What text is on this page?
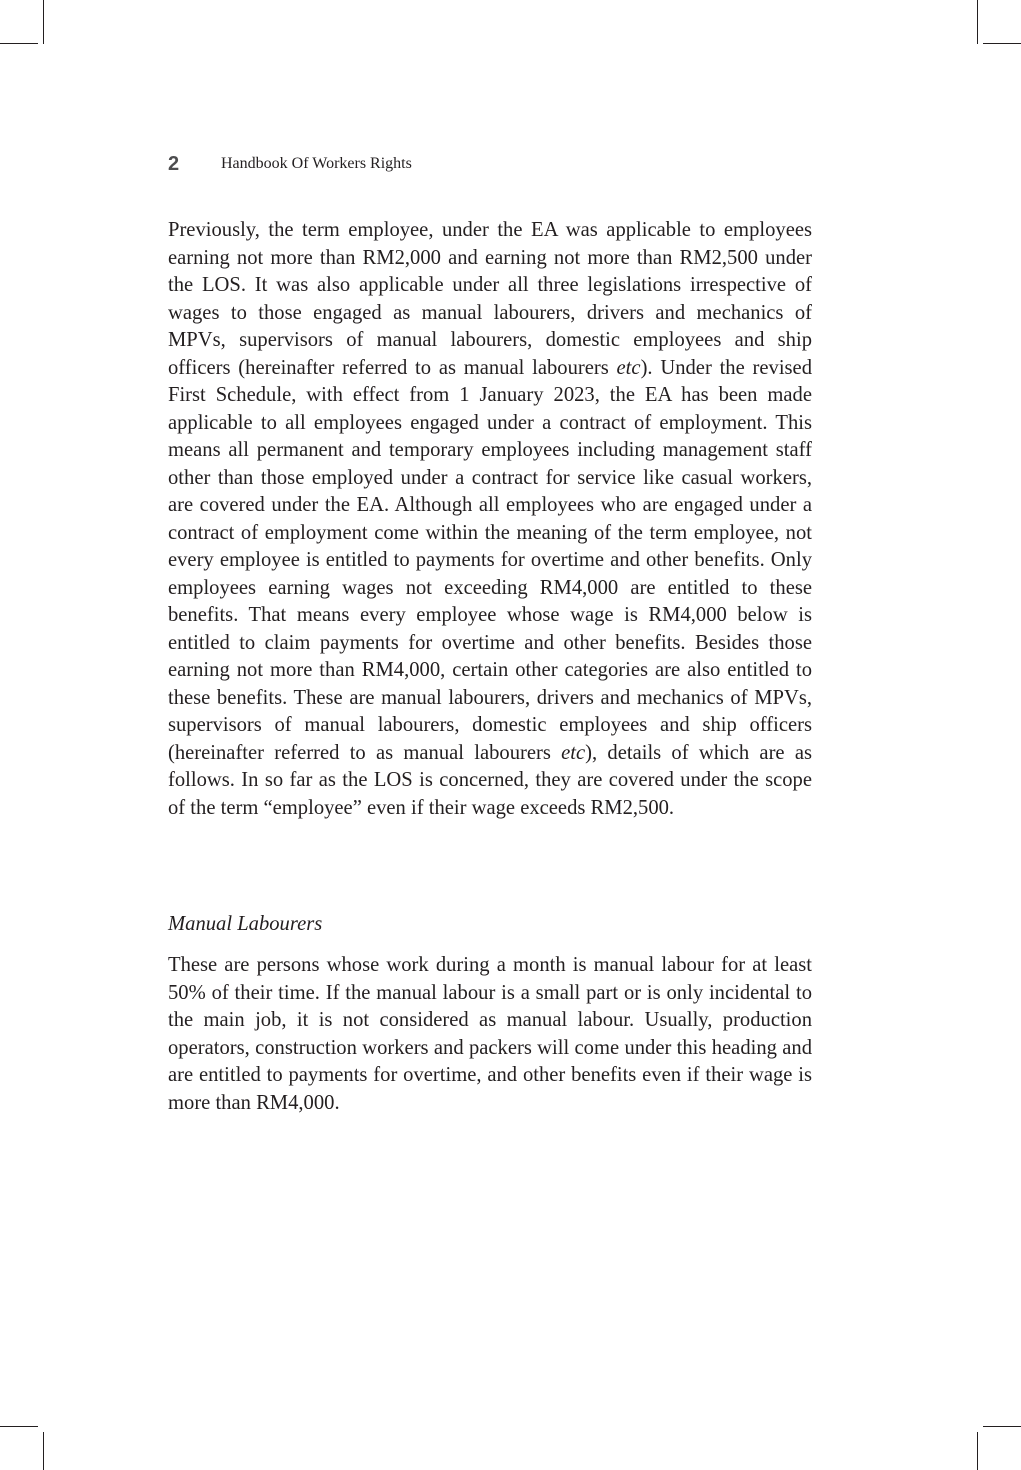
2	Handbook Of Workers Rights

Previously, the term employee, under the EA was applicable to employees earning not more than RM2,000 and earning not more than RM2,500 under the LOS. It was also applicable under all three legislations irrespective of wages to those engaged as manual labourers, drivers and mechanics of MPVs, supervisors of manual labourers, domestic employees and ship officers (hereinafter referred to as manual labourers etc). Under the revised First Schedule, with effect from 1 January 2023, the EA has been made applicable to all employees engaged under a contract of employment. This means all permanent and temporary employees including management staff other than those employed under a contract for service like casual workers, are covered under the EA. Although all employees who are engaged under a contract of employment come within the meaning of the term employee, not every employee is entitled to payments for overtime and other benefits. Only employees earning wages not exceeding RM4,000 are entitled to these benefits. That means every employee whose wage is RM4,000 below is entitled to claim payments for overtime and other benefits. Besides those earning not more than RM4,000, certain other categories are also entitled to these benefits. These are manual labourers, drivers and mechanics of MPVs, supervisors of manual labourers, domestic employees and ship officers (hereinafter referred to as manual labourers etc), details of which are as follows. In so far as the LOS is concerned, they are covered under the scope of the term “employee” even if their wage exceeds RM2,500.

Manual Labourers

These are persons whose work during a month is manual labour for at least 50% of their time. If the manual labour is a small part or is only incidental to the main job, it is not considered as manual labour. Usually, production operators, construction workers and packers will come under this heading and are entitled to payments for overtime, and other benefits even if their wage is more than RM4,000.
